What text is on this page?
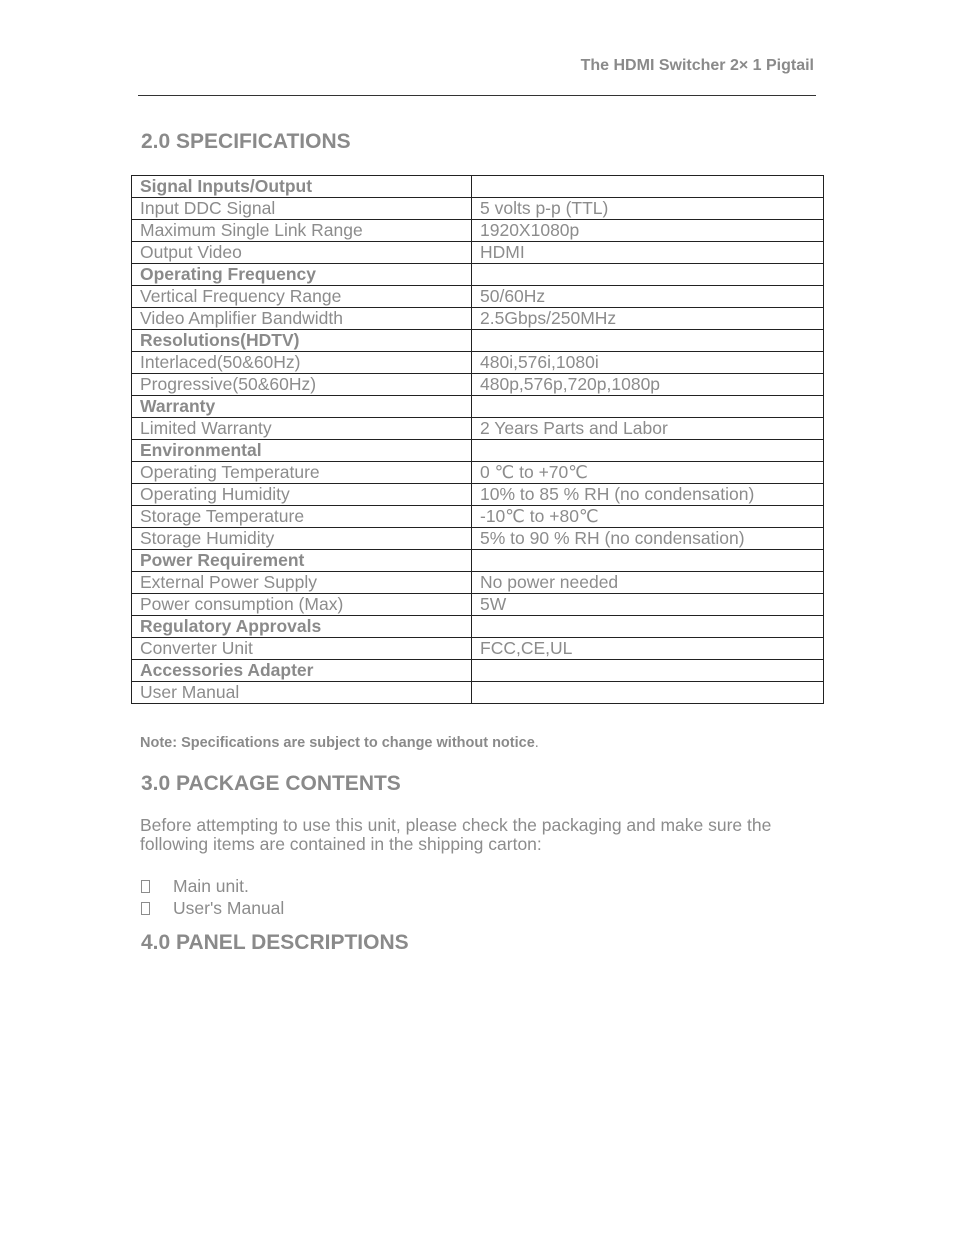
The HDMI Switcher 2× 1 Pigtail
2.0 SPECIFICATIONS
Signal Inputs/Output	
Input DDC Signal	5 volts p-p (TTL)
Maximum Single Link Range	1920X1080p
Output Video	HDMI
Operating Frequency	
Vertical Frequency Range	50/60Hz
Video Amplifier Bandwidth	2.5Gbps/250MHz
Resolutions(HDTV)	
Interlaced(50&60Hz)	480i,576i,1080i
Progressive(50&60Hz)	480p,576p,720p,1080p
Warranty	
Limited Warranty	2 Years Parts and Labor
Environmental	
Operating Temperature	0 ℃ to +70℃
Operating Humidity	10% to 85 % RH (no condensation)
Storage Temperature	-10℃ to +80℃
Storage Humidity	5% to 90 % RH (no condensation)
Power Requirement	
External Power Supply	No power needed
Power consumption (Max)	5W
Regulatory Approvals	
Converter Unit	FCC,CE,UL
Accessories Adapter	
User Manual	
Note: Specifications are subject to change without notice.
3.0 PACKAGE CONTENTS
Before attempting to use this unit, please check the packaging and make sure the following items are contained in the shipping carton:
Main unit.
User's Manual
4.0 PANEL DESCRIPTIONS
